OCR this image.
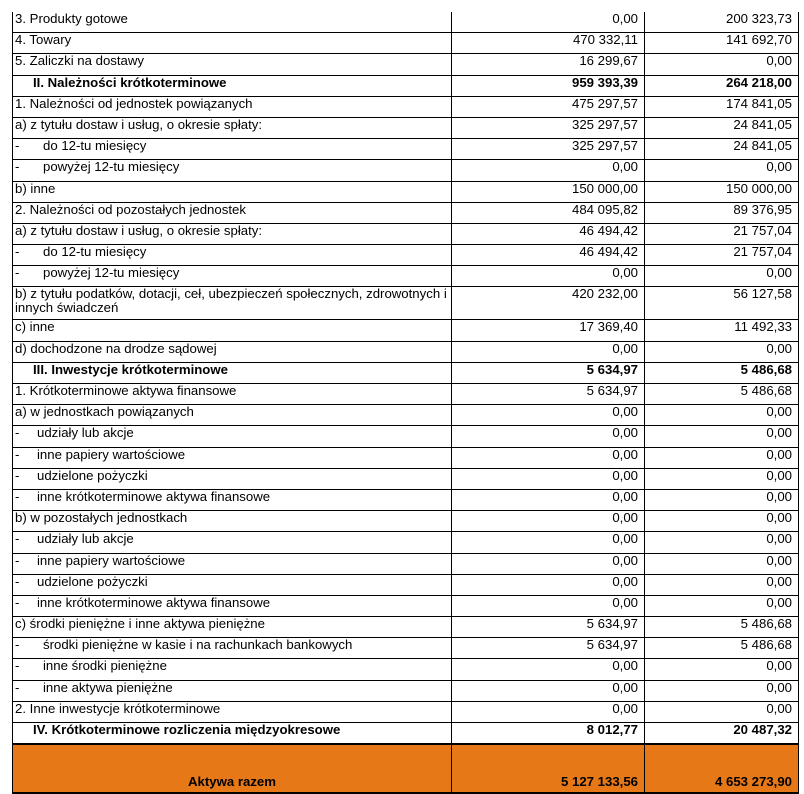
3. Produkty gotowe	0,00	200 323,73
4. Towary	470 332,11	141 692,70
5. Zaliczki na dostawy	16 299,67	0,00
II. Należności krótkoterminowe	959 393,39	264 218,00
1. Należności od jednostek powiązanych	475 297,57	174 841,05
a) z tytułu dostaw i usług, o okresie spłaty:	325 297,57	24 841,05
- do 12-tu miesięcy	325 297,57	24 841,05
- powyżej 12-tu miesięcy	0,00	0,00
b) inne	150 000,00	150 000,00
2. Należności od pozostałych jednostek	484 095,82	89 376,95
a) z tytułu dostaw i usług, o okresie spłaty:	46 494,42	21 757,04
- do 12-tu miesięcy	46 494,42	21 757,04
- powyżej 12-tu miesięcy	0,00	0,00
b) z tytułu podatków, dotacji, ceł, ubezpieczeń społecznych, zdrowotnych i innych świadczeń	420 232,00	56 127,58
c) inne	17 369,40	11 492,33
d) dochodzone na drodze sądowej	0,00	0,00
III. Inwestycje krótkoterminowe	5 634,97	5 486,68
1. Krótkoterminowe aktywa finansowe	5 634,97	5 486,68
a) w jednostkach powiązanych	0,00	0,00
- udziały lub akcje	0,00	0,00
- inne papiery wartościowe	0,00	0,00
- udzielone pożyczki	0,00	0,00
- inne krótkoterminowe aktywa finansowe	0,00	0,00
b) w pozostałych jednostkach	0,00	0,00
- udziały lub akcje	0,00	0,00
- inne papiery wartościowe	0,00	0,00
- udzielone pożyczki	0,00	0,00
- inne krótkoterminowe aktywa finansowe	0,00	0,00
c) środki pieniężne i inne aktywa pieniężne	5 634,97	5 486,68
- środki pieniężne w kasie i na rachunkach bankowych	5 634,97	5 486,68
- inne środki pieniężne	0,00	0,00
- inne aktywa pieniężne	0,00	0,00
2. Inne inwestycje krótkoterminowe	0,00	0,00
IV. Krótkoterminowe rozliczenia międzyokresowe	8 012,77	20 487,32
Aktywa razem	5 127 133,56	4 653 273,90
